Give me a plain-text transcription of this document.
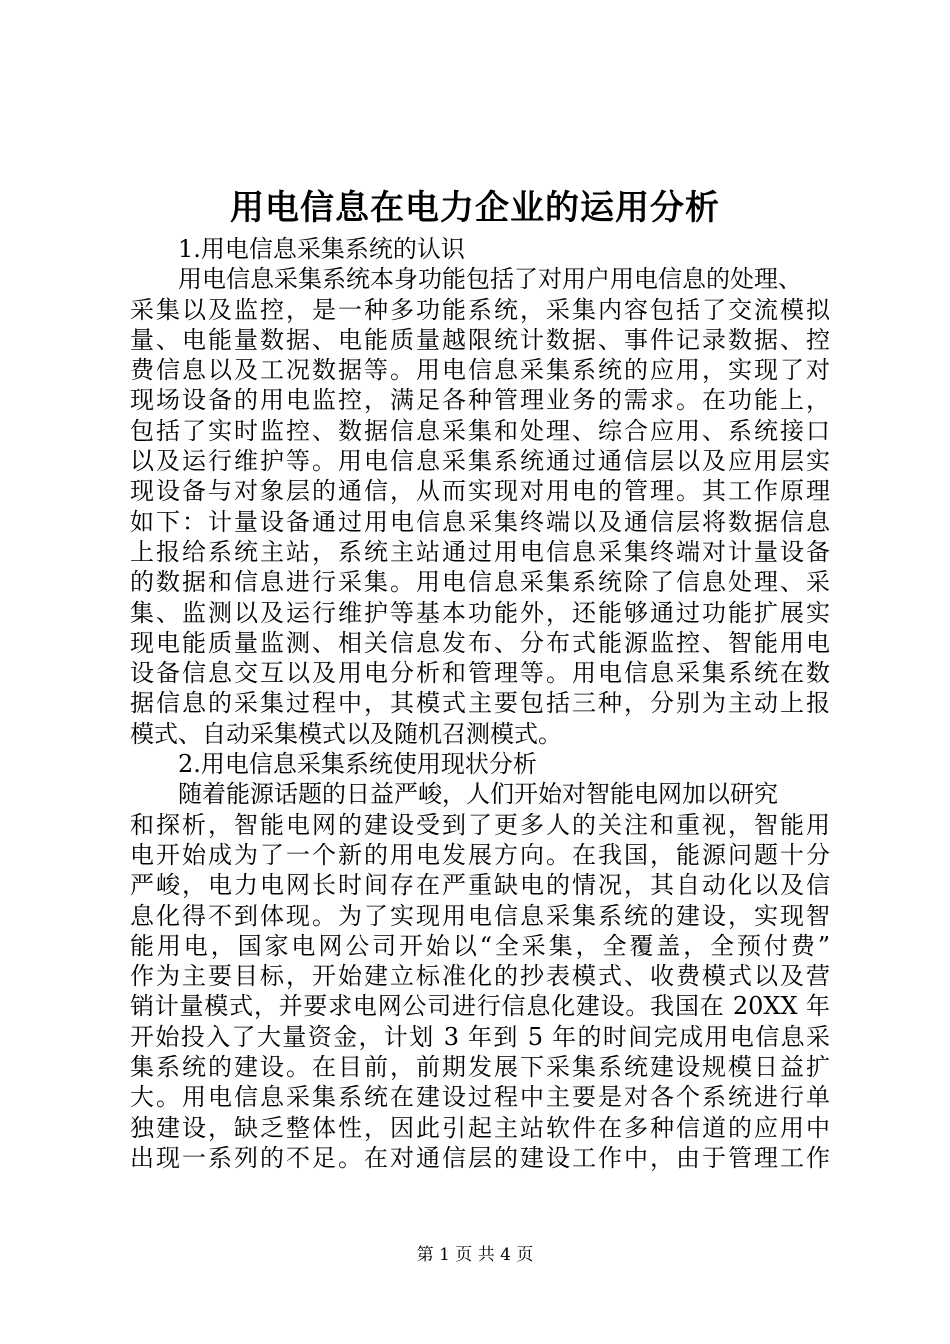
用电信息在电力企业的运用分析
1.用电信息采集系统的认识
用电信息采集系统本身功能包括了对用户用电信息的处理、
采集以及监控，是一种多功能系统，采集内容包括了交流模拟
量、电能量数据、电能质量越限统计数据、事件记录数据、控
费信息以及工况数据等。用电信息采集系统的应用，实现了对
现场设备的用电监控，满足各种管理业务的需求。在功能上，
包括了实时监控、数据信息采集和处理、综合应用、系统接口
以及运行维护等。用电信息采集系统通过通信层以及应用层实
现设备与对象层的通信，从而实现对用电的管理。其工作原理
如下：计量设备通过用电信息采集终端以及通信层将数据信息
上报给系统主站，系统主站通过用电信息采集终端对计量设备
的数据和信息进行采集。用电信息采集系统除了信息处理、采
集、监测以及运行维护等基本功能外，还能够通过功能扩展实
现电能质量监测、相关信息发布、分布式能源监控、智能用电
设备信息交互以及用电分析和管理等。用电信息采集系统在数
据信息的采集过程中，其模式主要包括三种，分别为主动上报
模式、自动采集模式以及随机召测模式。
2.用电信息采集系统使用现状分析
随着能源话题的日益严峻，人们开始对智能电网加以研究
和探析，智能电网的建设受到了更多人的关注和重视，智能用
电开始成为了一个新的用电发展方向。在我国，能源问题十分
严峻，电力电网长时间存在严重缺电的情况，其自动化以及信
息化得不到体现。为了实现用电信息采集系统的建设，实现智
能用电，国家电网公司开始以“全采集，全覆盖，全预付费”
作为主要目标，开始建立标准化的抄表模式、收费模式以及营
销计量模式，并要求电网公司进行信息化建设。我国在 20XX 年
开始投入了大量资金，计划 3 年到 5 年的时间完成用电信息采
集系统的建设。在目前，前期发展下采集系统建设规模日益扩
大。用电信息采集系统在建设过程中主要是对各个系统进行单
独建设，缺乏整体性，因此引起主站软件在多种信道的应用中
出现一系列的不足。在对通信层的建设工作中，由于管理工作
第 1 页 共 4 页
